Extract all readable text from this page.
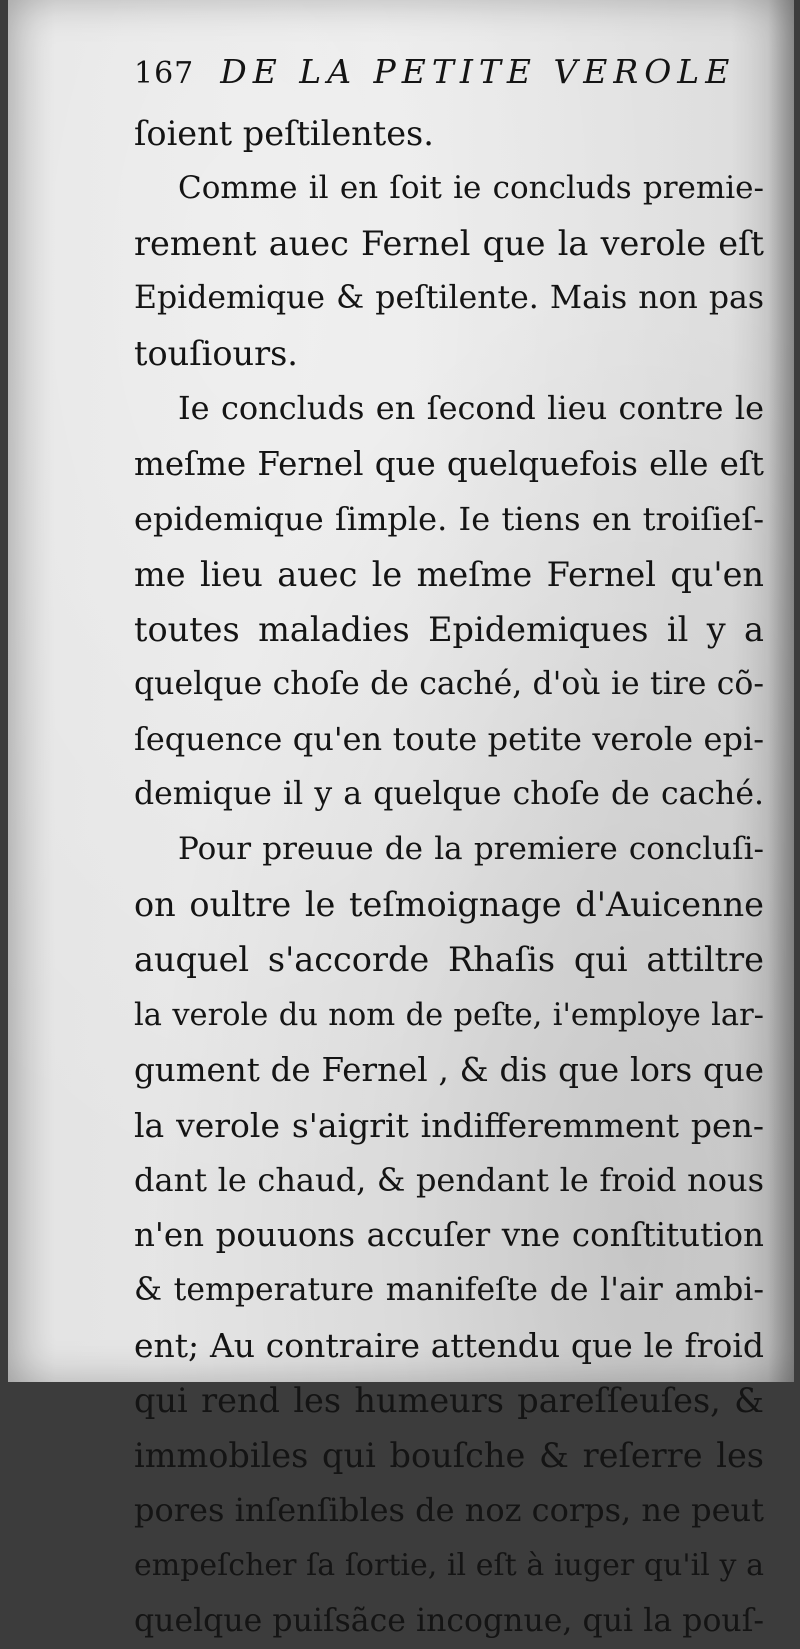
167 DE LA PETITE VEROLE
ſoient peſtilentes.
Comme il en ſoit ie concluds premie-
rement auec Fernel que la verole eſt
Epidemique & peſtilente. Mais non pas
touſiours.
Ie concluds en ſecond lieu contre le
meſme Fernel que quelquefois elle eſt
epidemique ſimple. Ie tiens en troiſieſ-
me lieu auec le meſme Fernel qu'en
toutes maladies Epidemiques il y a
quelque choſe de caché, d'où ie tire cõ-
ſequence qu'en toute petite verole epi-
demique il y a quelque choſe de caché.
Pour preuue de la premiere concluſi-
on oultre le teſmoignage d'Auicenne
auquel s'accorde Rhaſis qui attiltre
la verole du nom de peſte, i'employe lar-
gument de Fernel , & dis que lors que
la verole s'aigrit indifferemment pen-
dant le chaud, & pendant le froid nous
n'en pouuons accuſer vne conſtitution
& temperature manifeſte de l'air ambi-
ent; Au contraire attendu que le froid
qui rend les humeurs pareſſeuſes, &
immobiles qui bouſche & reſerre les
pores inſenſibles de noz corps, ne peut
empeſcher ſa ſortie, il eſt à iuger qu'il y a
quelque puiſsãce incognue, qui la pouſ-
